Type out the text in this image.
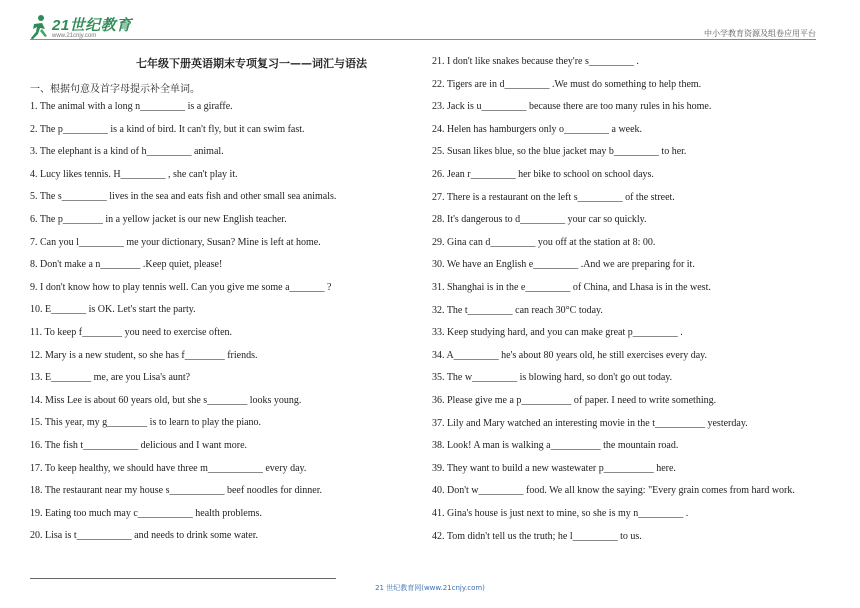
21世纪教育
www.21cnjy.com	中小学教育资源及组卷应用平台
七年级下册英语期末专项复习一——词汇与语法
一、根据句意及首字母提示补全单词。
1. The animal with a long n_________ is a giraffe.
2. The p_________ is a kind of bird. It can't fly, but it can swim fast.
3. The elephant is a kind of h_________ animal.
4. Lucy likes tennis. H_________ , she can't play it.
5. The s_________ lives in the sea and eats fish and other small sea animals.
6. The p________ in a yellow jacket is our new English teacher.
7. Can you l_________ me your dictionary, Susan? Mine is left at home.
8. Don't make a n________ .Keep quiet, please!
9. I don't know how to play tennis well. Can you give me some a_______ ?
10. E_______ is OK. Let's start the party.
11. To keep f________ you need to exercise often.
12. Mary is a new student, so she has f________ friends.
13. E________ me, are you Lisa's aunt?
14. Miss Lee is about 60 years old, but she s________ looks young.
15. This year, my g________ is to learn to play the piano.
16. The fish t___________ delicious and I want more.
17. To keep healthy, we should have three m___________ every day.
18. The restaurant near my house s___________ beef noodles for dinner.
19. Eating too much may c___________ health problems.
20. Lisa is t___________ and needs to drink some water.
21. I don't like snakes because they're s_________ .
22. Tigers are in d_________ .We must do something to help them.
23. Jack is u_________ because there are too many rules in his home.
24. Helen has hamburgers only o_________ a week.
25. Susan likes blue, so the blue jacket may b_________ to her.
26. Jean r_________ her bike to school on school days.
27. There is a restaurant on the left s_________ of the street.
28. It's dangerous to d_________ your car so quickly.
29. Gina can d_________ you off at the station at 8: 00.
30. We have an English e_________ .And we are preparing for it.
31. Shanghai is in the e_________ of China, and Lhasa is in the west.
32. The t_________ can reach 30°C today.
33. Keep studying hard, and you can make great p_________ .
34. A_________ he's about 80 years old, he still exercises every day.
35. The w_________ is blowing hard, so don't go out today.
36. Please give me a p__________ of paper. I need to write something.
37. Lily and Mary watched an interesting movie in the t__________ yesterday.
38. Look! A man is walking a__________ the mountain road.
39. They want to build a new wastewater p__________ here.
40. Don't w_________ food. We all know the saying: "Every grain comes from hard work.
41. Gina's house is just next to mine, so she is my n_________ .
42. Tom didn't tell us the truth; he l_________ to us.
21 世纪教育网(www.21cnjy.com)
